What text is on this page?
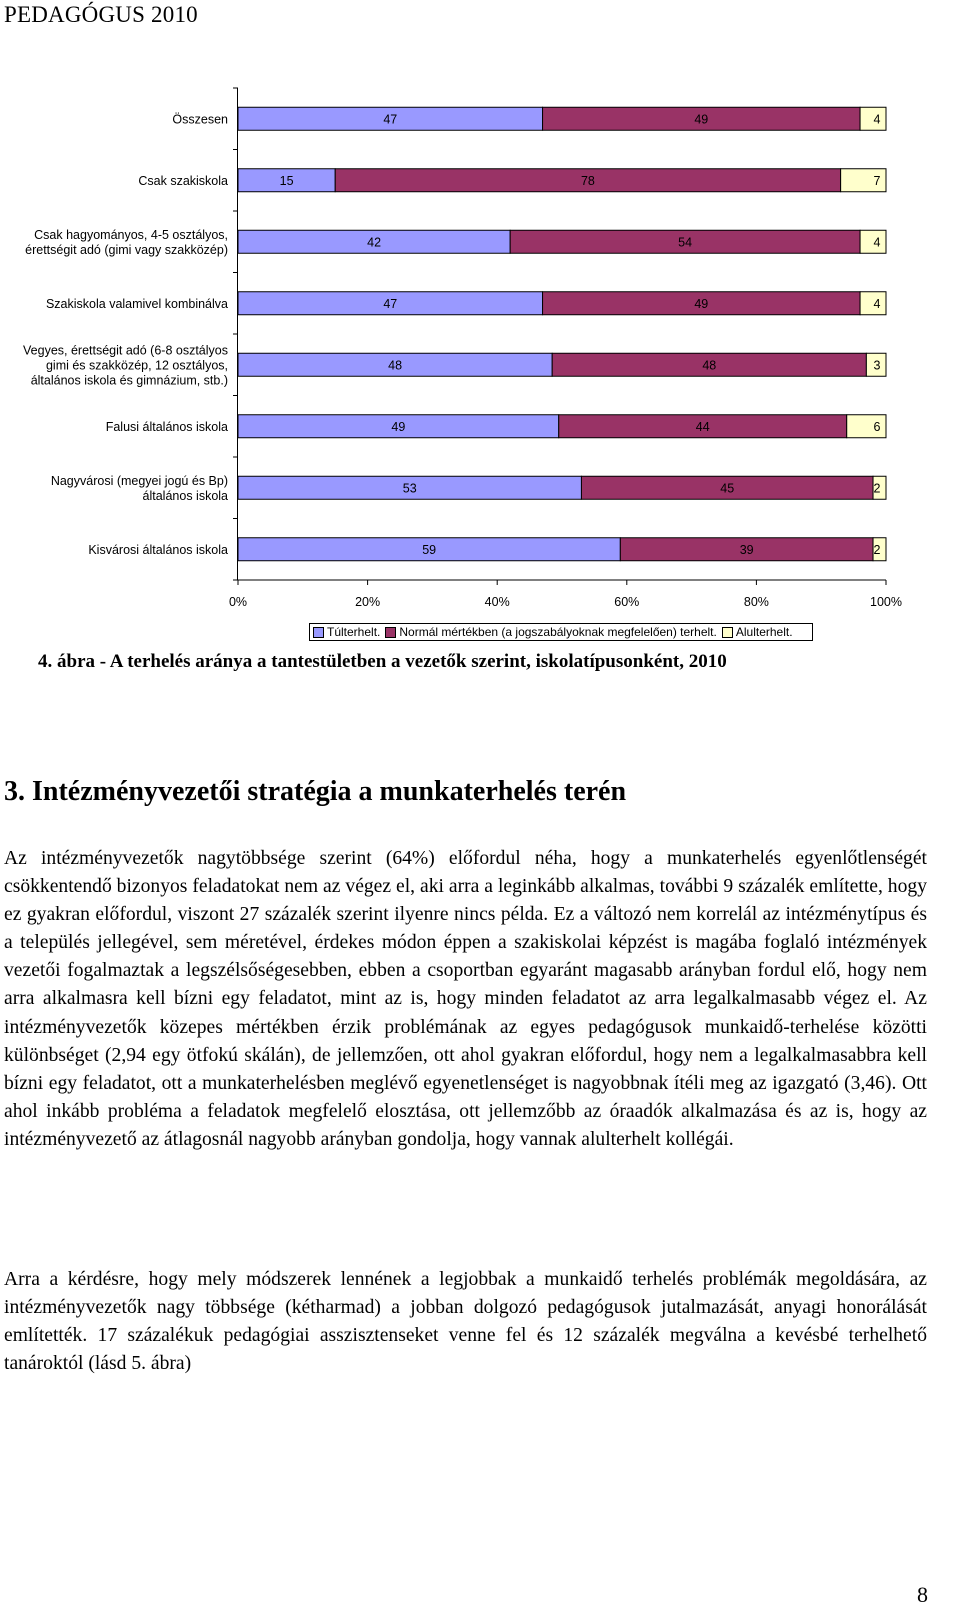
PEDAGÓGUS 2010
0%	20%	40%	60%	80%	100%
47	49	4
Összesen
15	78	7
Csak szakiskola
42	54	4
Csak hagyományos, 4-5 osztályos, érettségit adó (gimi vagy szakközép)
47	49	4
Szakiskola valamivel kombinálva
48	48	3
Vegyes, érettségit adó (6-8 osztályos gimi és szakközép, 12 osztályos, általános iskola és gimnázium, stb.)
49	44	6
Falusi általános iskola
53	45	2
Nagyvárosi (megyei jogú és Bp) általános iskola
59	39	2
Kisvárosi általános iskola
Túlterhelt. Normál mértékben (a jogszabályoknak megfelelően) terhelt. Alulterhelt.
4. ábra - A terhelés aránya a tantestületben a vezetők szerint, iskolatípusonként, 2010
3. Intézményvezetői stratégia a munkaterhelés terén

Az intézményvezetők nagytöbbsége szerint (64%) előfordul néha, hogy a munkaterhelés egyenlőtlenségét csökkentendő bizonyos feladatokat nem az végez el, aki arra a leginkább alkalmas, további 9 százalék említette, hogy ez gyakran előfordul, viszont 27 százalék szerint ilyenre nincs példa. Ez a változó nem korrelál az intézménytípus és a település jellegével, sem méretével, érdekes módon éppen a szakiskolai képzést is magába foglaló intézmények vezetői fogalmaztak a legszélsőségesebben, ebben a csoportban egyaránt magasabb arányban fordul elő, hogy nem arra alkalmasra kell bízni egy feladatot, mint az is, hogy minden feladatot az arra legalkalmasabb végez el. Az intézményvezetők közepes mértékben érzik problémának az egyes pedagógusok munkaidő-terhelése közötti különbséget (2,94 egy ötfokú skálán), de jellemzően, ott ahol gyakran előfordul, hogy nem a legalkalmasabbra kell bízni egy feladatot, ott a munkaterhelésben meglévő egyenetlenséget is nagyobbnak ítéli meg az igazgató (3,46). Ott ahol inkább probléma a feladatok megfelelő elosztása, ott jellemzőbb az óraadók alkalmazása és az is, hogy az intézményvezető az átlagosnál nagyobb arányban gondolja, hogy vannak alulterhelt kollégái.

Arra a kérdésre, hogy mely módszerek lennének a legjobbak a munkaidő terhelés problémák megoldására, az intézményvezetők nagy többsége (kétharmad) a jobban dolgozó pedagógusok jutalmazását, anyagi honorálását említették. 17 százalékuk pedagógiai asszisztenseket venne fel és 12 százalék megválna a kevésbé terhelhető tanároktól (lásd 5. ábra)

8
